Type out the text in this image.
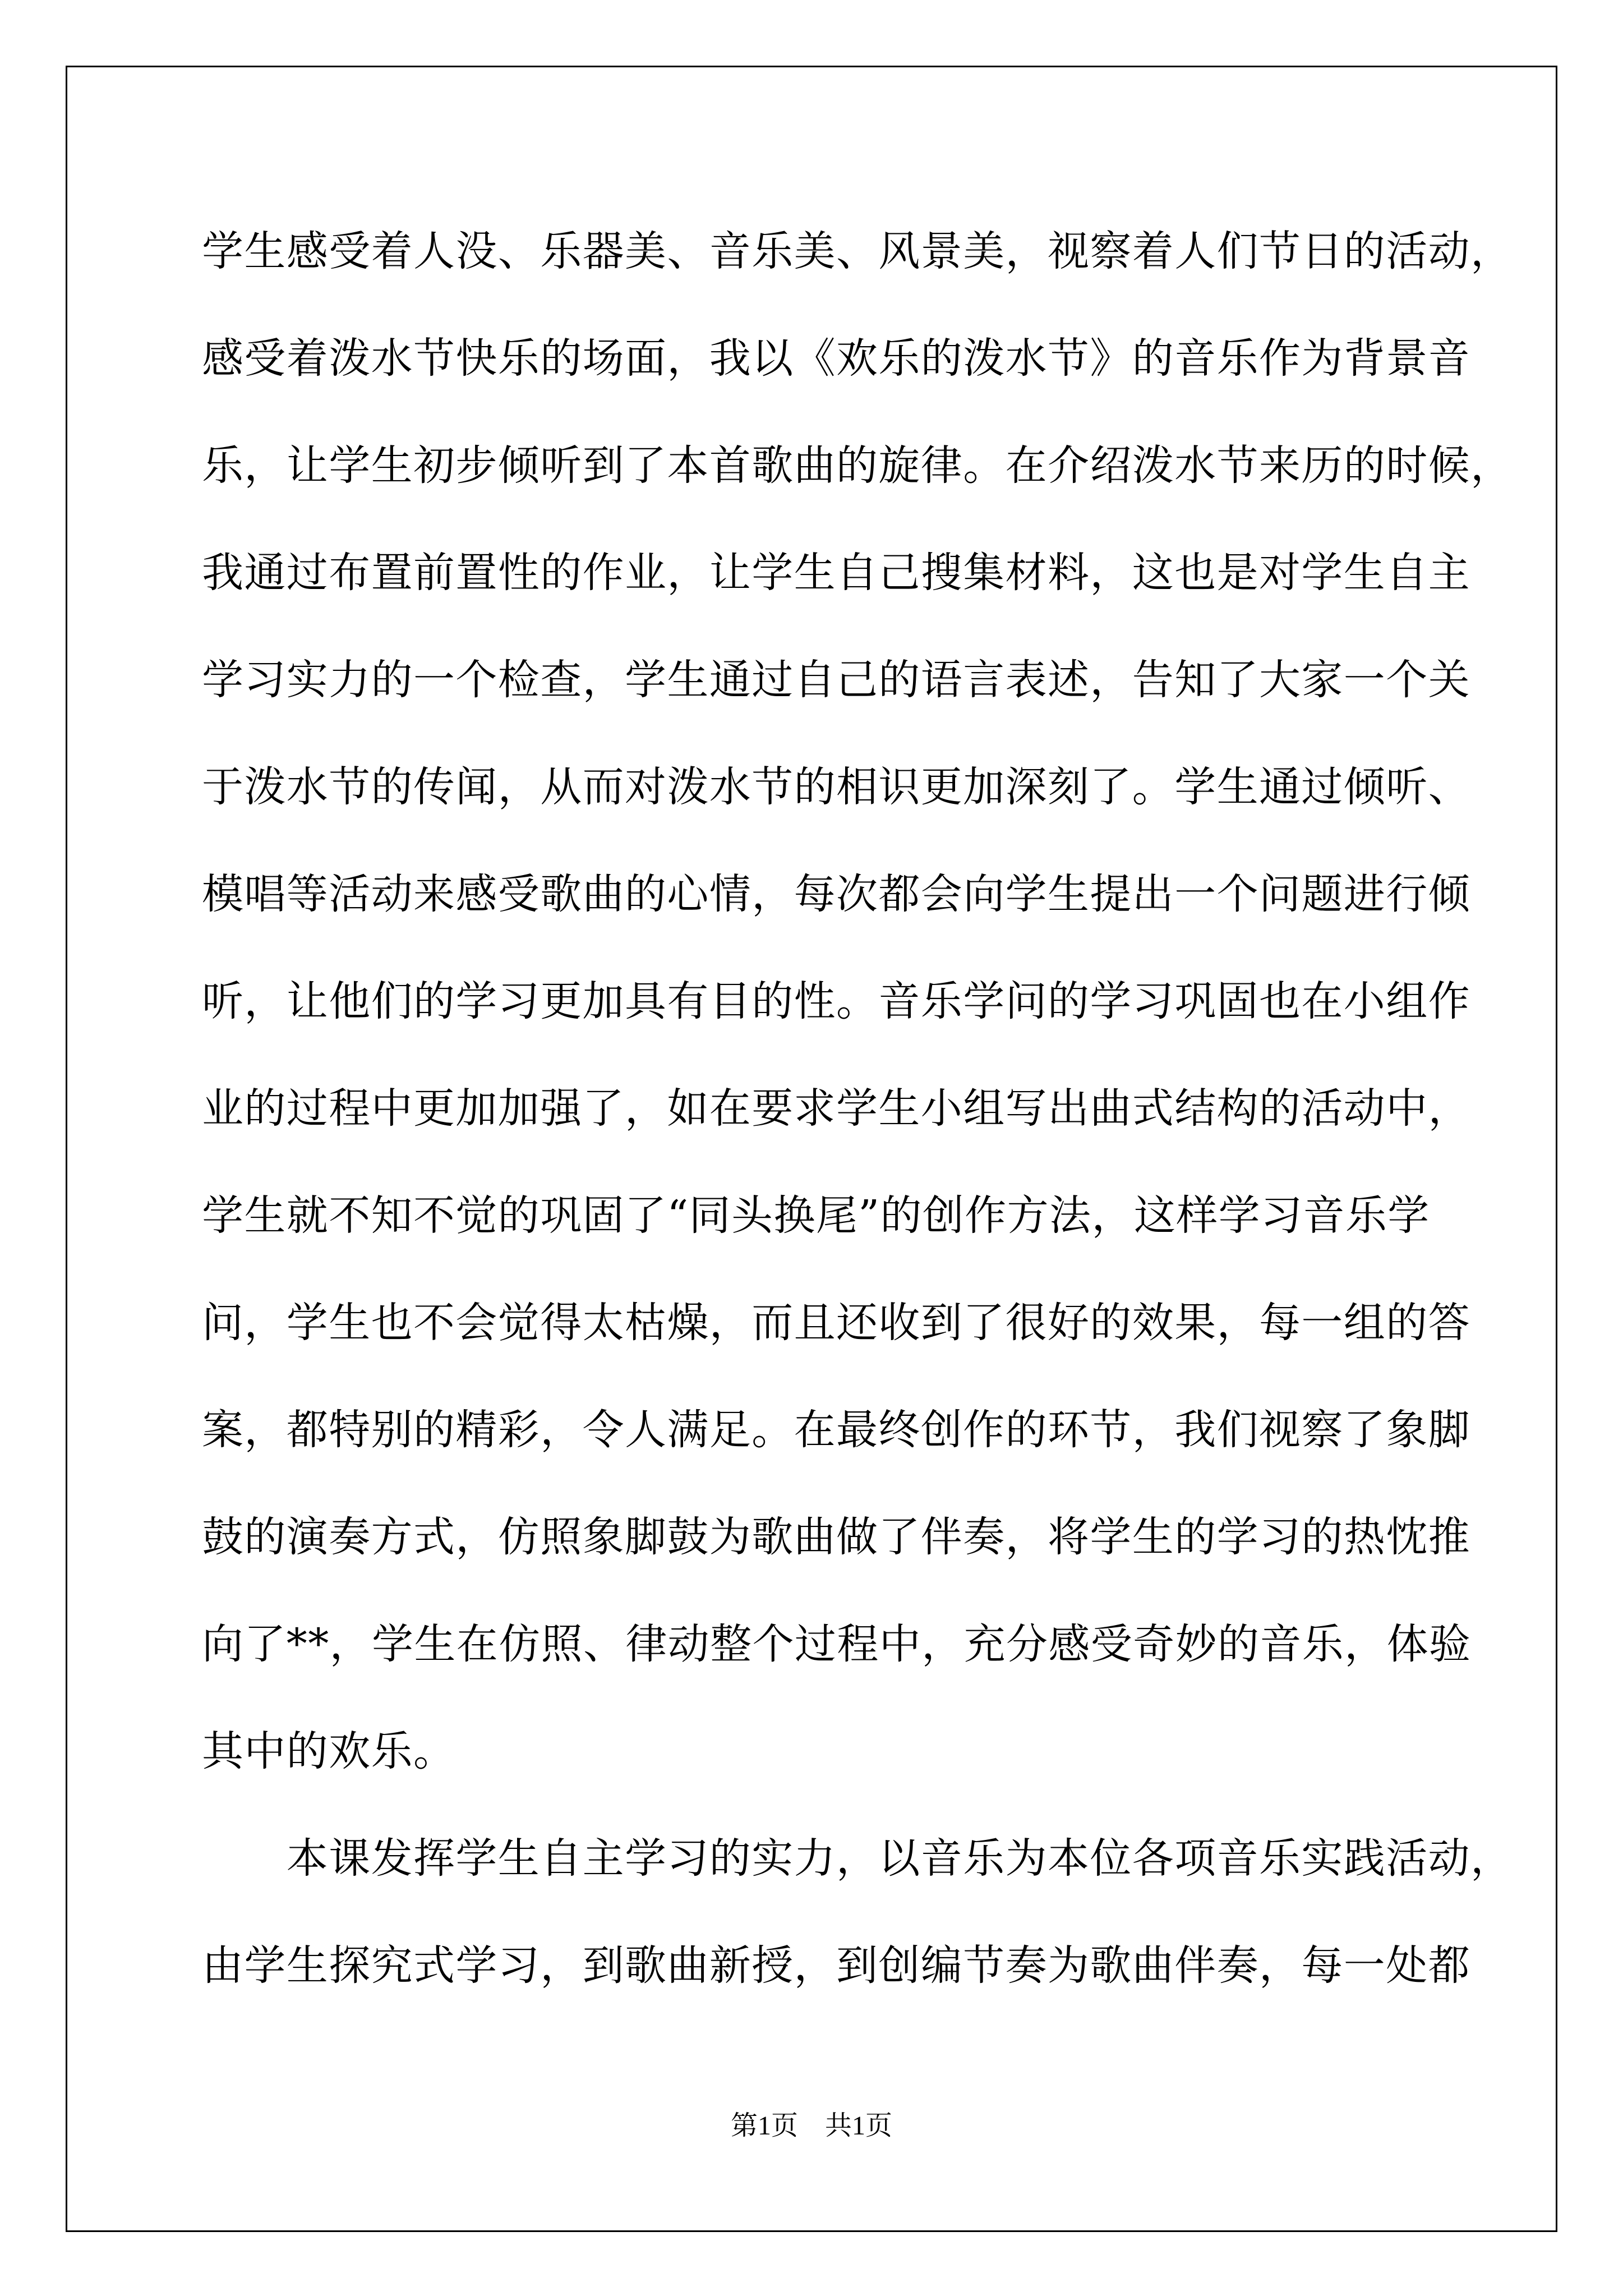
学生感受着人没、乐器美、音乐美、风景美，视察着人们节日的活动，
感受着泼水节快乐的场面，我以《欢乐的泼水节》的音乐作为背景音
乐，让学生初步倾听到了本首歌曲的旋律。在介绍泼水节来历的时候，
我通过布置前置性的作业，让学生自己搜集材料，这也是对学生自主
学习实力的一个检查，学生通过自己的语言表述，告知了大家一个关
于泼水节的传闻，从而对泼水节的相识更加深刻了。学生通过倾听、
模唱等活动来感受歌曲的心情，每次都会向学生提出一个问题进行倾
听，让他们的学习更加具有目的性。音乐学问的学习巩固也在小组作
业的过程中更加加强了，如在要求学生小组写出曲式结构的活动中，
学生就不知不觉的巩固了“同头换尾”的创作方法，这样学习音乐学
问，学生也不会觉得太枯燥，而且还收到了很好的效果，每一组的答
案，都特别的精彩，令人满足。在最终创作的环节，我们视察了象脚
鼓的演奏方式，仿照象脚鼓为歌曲做了伴奏，将学生的学习的热忱推
向了**，学生在仿照、律动整个过程中，充分感受奇妙的音乐，体验
其中的欢乐。
　　本课发挥学生自主学习的实力，以音乐为本位各项音乐实践活动，
由学生探究式学习，到歌曲新授，到创编节奏为歌曲伴奏，每一处都
第1页　共1页
